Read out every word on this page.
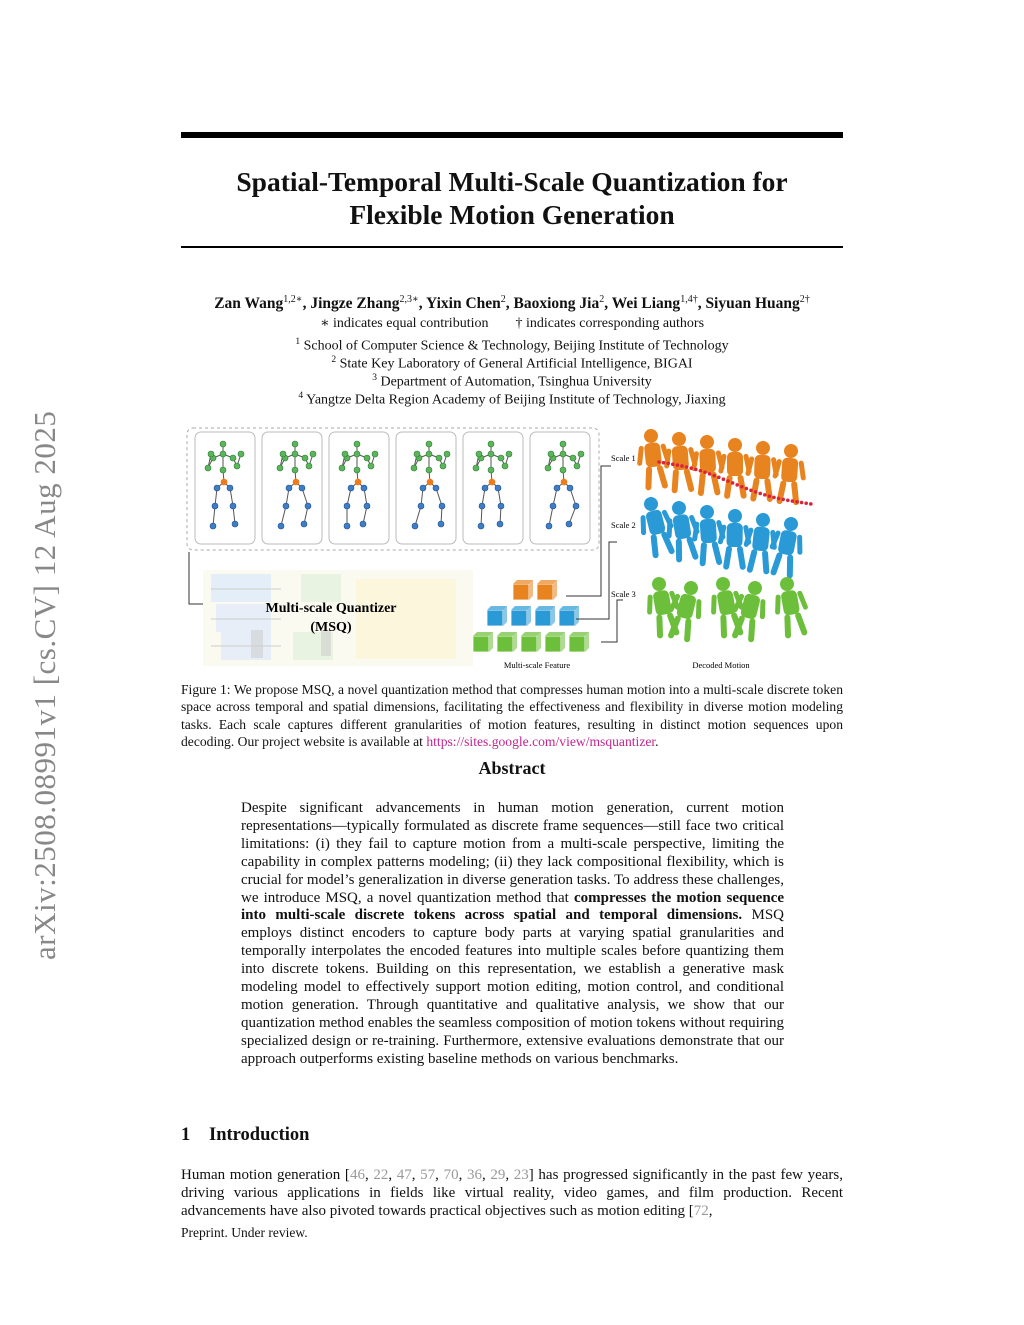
arXiv:2508.08991v1 [cs.CV] 12 Aug 2025
Spatial-Temporal Multi-Scale Quantization for
Flexible Motion Generation
Zan Wang$^{1,2∗}$, Jingze Zhang$^{2,3∗}$, Yixin Chen$^2$, Baoxiong Jia$^2$, Wei Liang$^{1,4\dagger}$, Siyuan Huang$^{2\dagger}$
∗ indicates equal contribution † indicates corresponding authors
$^1$ School of Computer Science & Technology, Beijing Institute of Technology
$^2$ State Key Laboratory of General Artificial Intelligence, BIGAI
$^3$ Department of Automation, Tsinghua University
$^4$ Yangtze Delta Region Academy of Beijing Institute of Technology, Jiaxing
Multi-scale Quantizer
(MSQ)
Scale 1
Scale 2
Scale 3
Multi-scale Feature	Decoded Motion
Figure 1: We propose MSQ, a novel quantization method that compresses human motion into a multi-scale discrete token space across temporal and spatial dimensions, facilitating the effectiveness and flexibility in diverse motion modeling tasks. Each scale captures different granularities of motion features, resulting in distinct motion sequences upon decoding. Our project website is available at https://sites.google.com/view/msquantizer.
Abstract
Despite significant advancements in human motion generation, current motion representations—typically formulated as discrete frame sequences—still face two critical limitations: (i) they fail to capture motion from a multi-scale perspective, limiting the capability in complex patterns modeling; (ii) they lack compositional flexibility, which is crucial for model’s generalization in diverse generation tasks. To address these challenges, we introduce MSQ, a novel quantization method that compresses the motion sequence into multi-scale discrete tokens across spatial and temporal dimensions. MSQ employs distinct encoders to capture body parts at varying spatial granularities and temporally interpolates the encoded features into multiple scales before quantizing them into discrete tokens. Building on this representation, we establish a generative mask modeling model to effectively support motion editing, motion control, and conditional motion generation. Through quantitative and qualitative analysis, we show that our quantization method enables the seamless composition of motion tokens without requiring specialized design or re-training. Furthermore, extensive evaluations demonstrate that our approach outperforms existing baseline methods on various benchmarks.
1 Introduction
Human motion generation [46, 22, 47, 57, 70, 36, 29, 23] has progressed significantly in the past few years, driving various applications in fields like virtual reality, video games, and film production. Recent advancements have also pivoted towards practical objectives such as motion editing [72,
Preprint. Under review.
